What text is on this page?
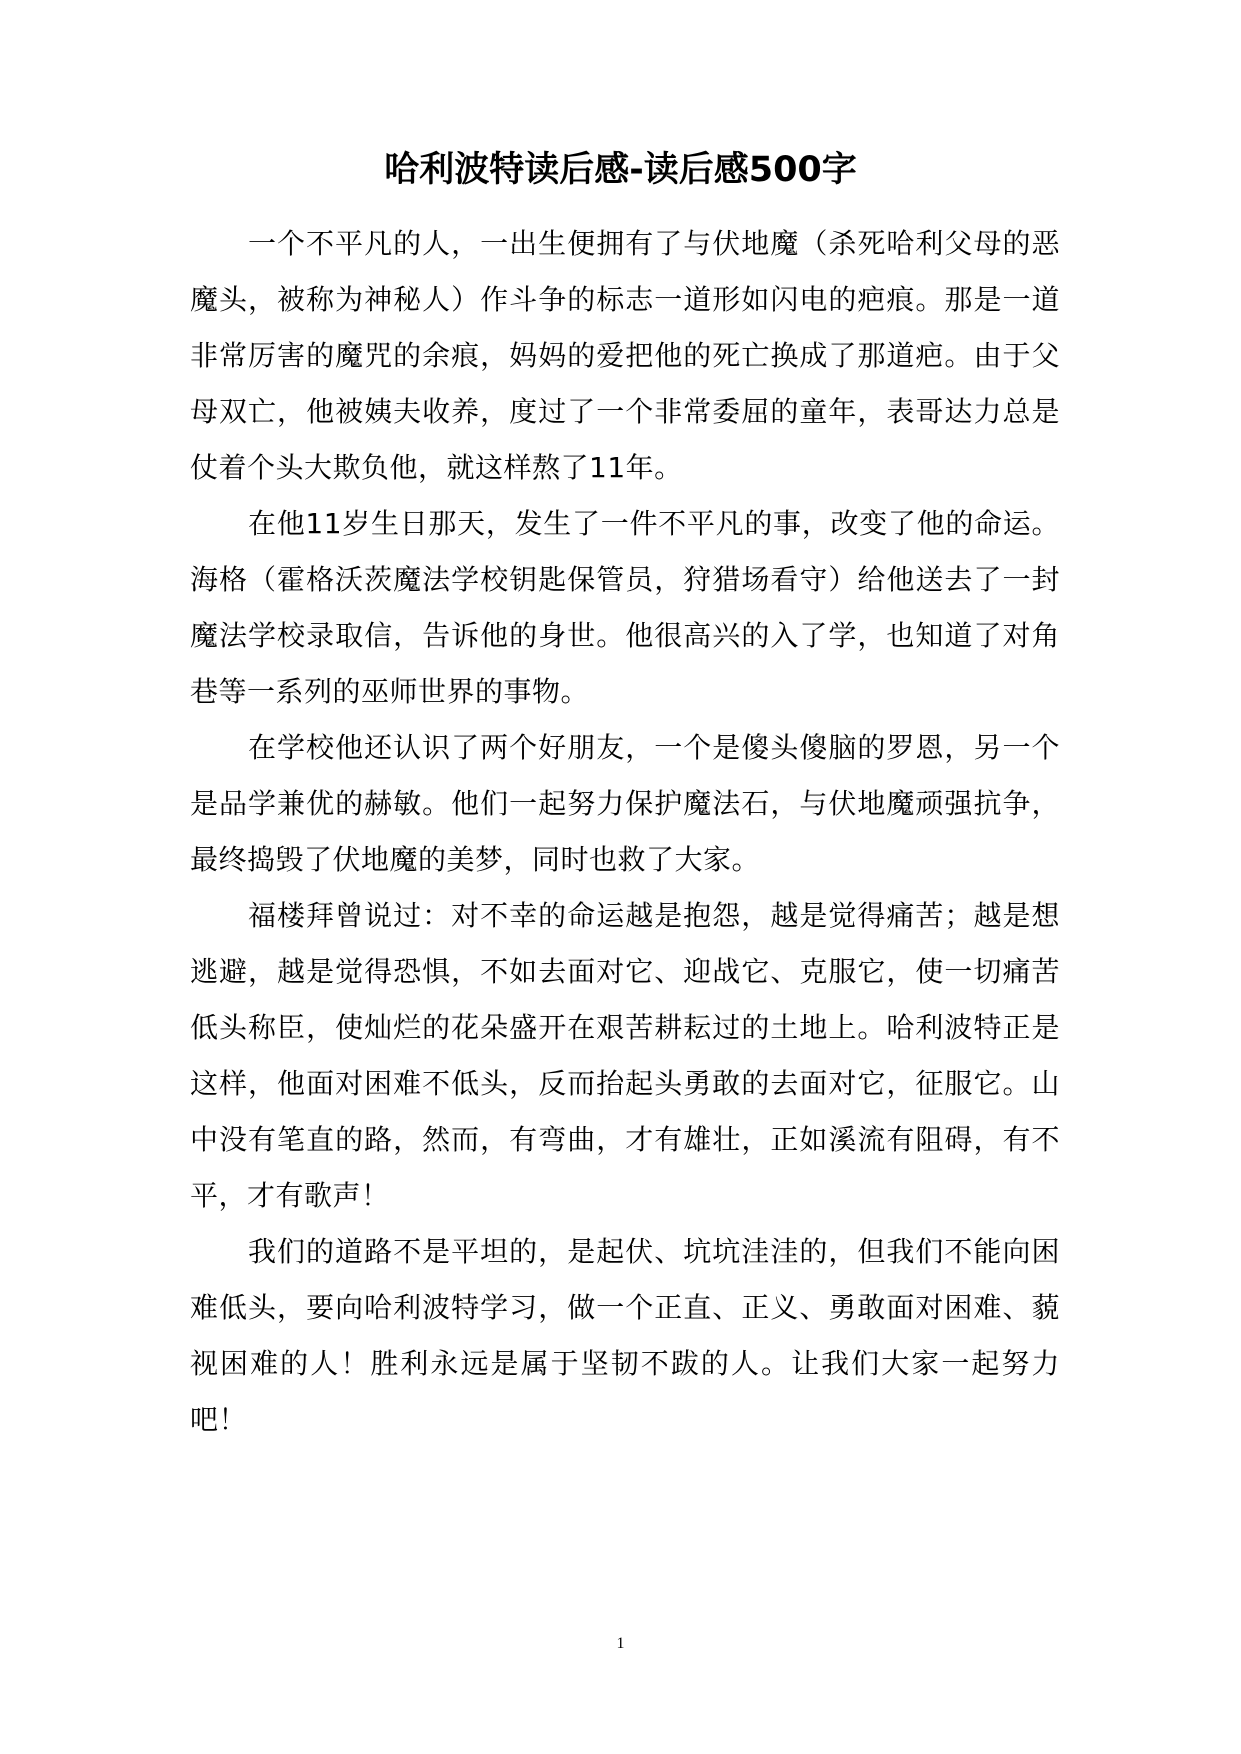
哈利波特读后感-读后感500字

一个不平凡的人，一出生便拥有了与伏地魔（杀死哈利父母的恶魔头，被称为神秘人）作斗争的标志一道形如闪电的疤痕。那是一道非常厉害的魔咒的余痕，妈妈的爱把他的死亡换成了那道疤。由于父母双亡，他被姨夫收养，度过了一个非常委屈的童年，表哥达力总是仗着个头大欺负他，就这样熬了11年。

在他11岁生日那天，发生了一件不平凡的事，改变了他的命运。海格（霍格沃茨魔法学校钥匙保管员，狩猎场看守）给他送去了一封魔法学校录取信，告诉他的身世。他很高兴的入了学，也知道了对角巷等一系列的巫师世界的事物。

在学校他还认识了两个好朋友，一个是傻头傻脑的罗恩，另一个是品学兼优的赫敏。他们一起努力保护魔法石，与伏地魔顽强抗争，最终捣毁了伏地魔的美梦，同时也救了大家。

福楼拜曾说过：对不幸的命运越是抱怨，越是觉得痛苦；越是想逃避，越是觉得恐惧，不如去面对它、迎战它、克服它，使一切痛苦低头称臣，使灿烂的花朵盛开在艰苦耕耘过的土地上。哈利波特正是这样，他面对困难不低头，反而抬起头勇敢的去面对它，征服它。山中没有笔直的路，然而，有弯曲，才有雄壮，正如溪流有阻碍，有不平，才有歌声！

我们的道路不是平坦的，是起伏、坑坑洼洼的，但我们不能向困难低头，要向哈利波特学习，做一个正直、正义、勇敢面对困难、藐视困难的人！胜利永远是属于坚韧不跋的人。让我们大家一起努力吧！

1
